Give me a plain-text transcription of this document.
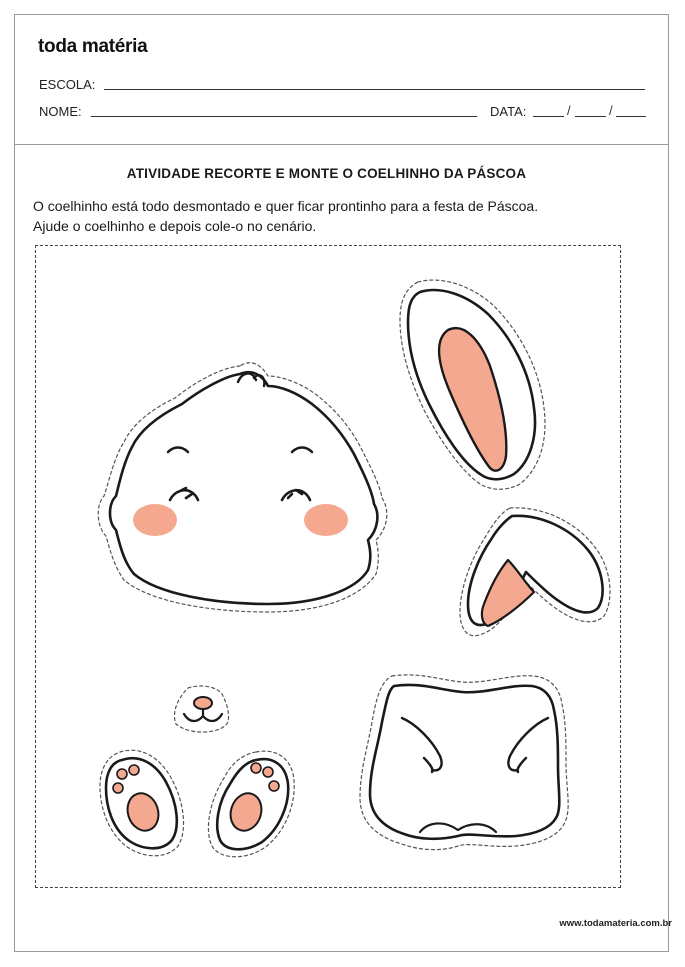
toda matéria
ESCOLA:
NOME:	DATA:	/	/
ATIVIDADE RECORTE E MONTE O COELHINHO DA PÁSCOA
O coelhinho está todo desmontado e quer ficar prontinho para a festa de Páscoa.
Ajude o coelhinho e depois cole-o no cenário.
www.todamateria.com.br
